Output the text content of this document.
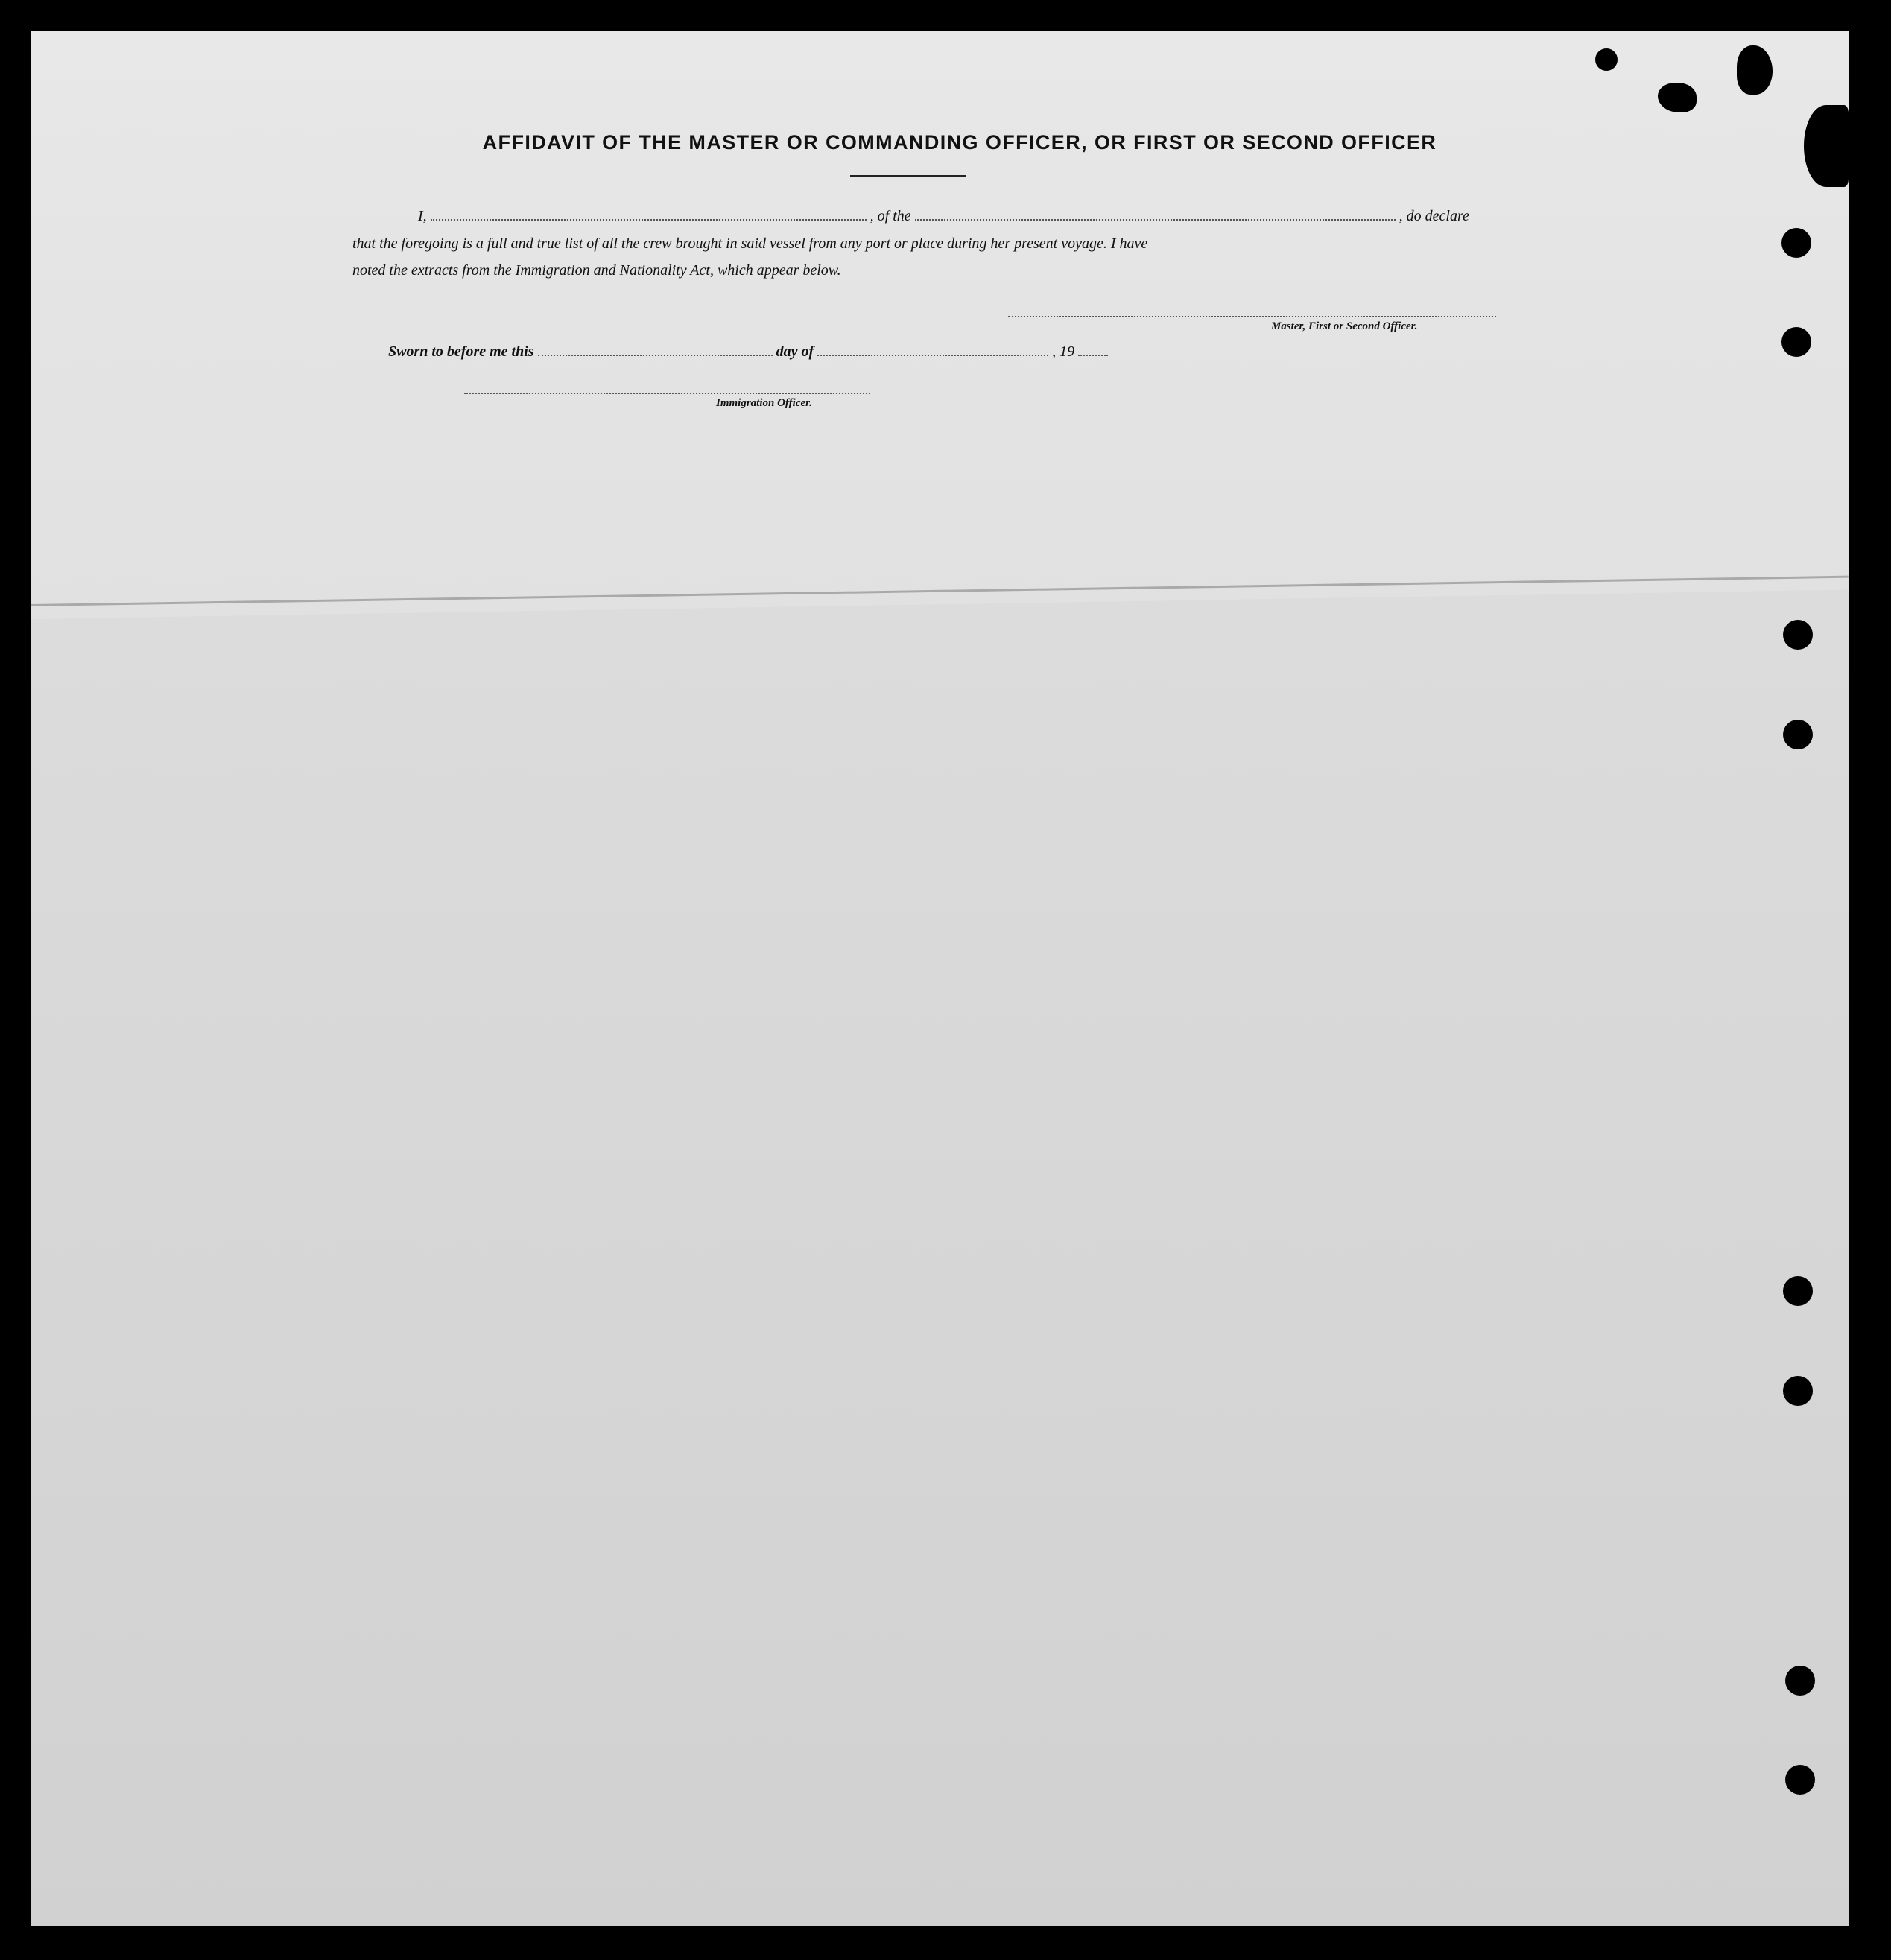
AFFIDAVIT OF THE MASTER OR COMMANDING OFFICER, OR FIRST OR SECOND OFFICER
I,	, of the	, do declare
that the foregoing is a full and true list of all the crew brought in said vessel from any port or place during her present voyage. I have
noted the extracts from the Immigration and Nationality Act, which appear below.
Master, First or Second Officer.
Sworn to before me this	day of	, 19
Immigration Officer.
